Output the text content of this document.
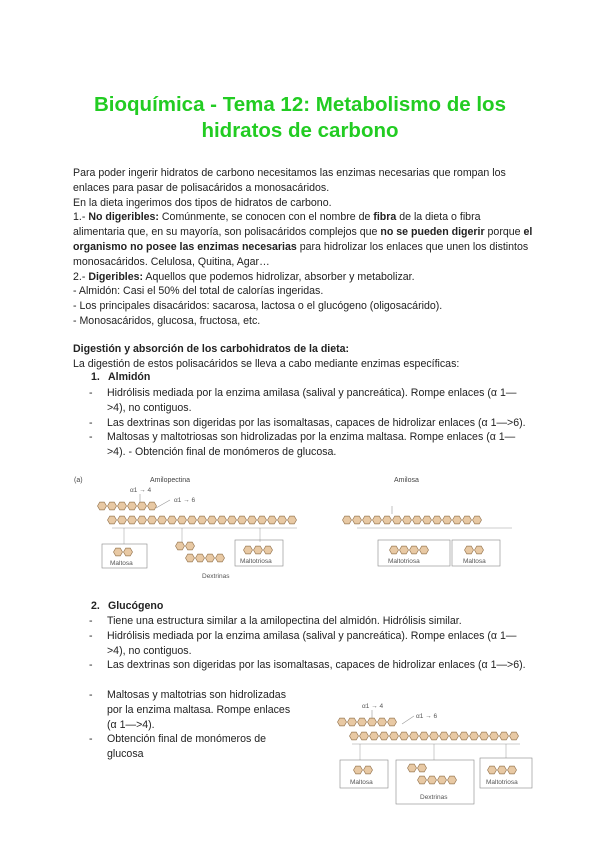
Bioquímica - Tema 12: Metabolismo de los hidratos de carbono

Para poder ingerir hidratos de carbono necesitamos las enzimas necesarias que rompan los enlaces para pasar de polisacáridos a monosacáridos.

En la dieta ingerimos dos tipos de hidratos de carbono.

1.- No digeribles: Comúnmente, se conocen con el nombre de fibra de la dieta o fibra alimentaria que, en su mayoría, son polisacáridos complejos que no se pueden digerir porque el organismo no posee las enzimas necesarias para hidrolizar los enlaces que unen los distintos monosacáridos. Celulosa, Quitina, Agar…

2.- Digeribles: Aquellos que podemos hidrolizar, absorber y metabolizar.

- Almidón: Casi el 50% del total de calorías ingeridas.

- Los principales disacáridos: sacarosa, lactosa o el glucógeno (oligosacárido).

- Monosacáridos, glucosa, fructosa, etc.

Digestión y absorción de los carbohidratos de la dieta:

La digestión de estos polisacáridos se lleva a cabo mediante enzimas específicas:

1. Almidón
- Hidrólisis mediada por la enzima amilasa (salival y pancreática). Rompe enlaces (α 1—>4), no contiguos.
- Las dextrinas son digeridas por las isomaltasas, capaces de hidrolizar enlaces (α 1—>6).
- Maltosas y maltotriosas son hidrolizadas por la enzima maltasa. Rompe enlaces (α 1—>4). - Obtención final de monómeros de glucosa.
(a)	Amilopectina
α1 → 4
α1 → 6
Maltosa
Dextrinas
Maltotriosa
Amilosa
Maltotriosa	Maltosa
2. Glucógeno
- Tiene una estructura similar a la amilopectina del almidón. Hidrólisis similar.
- Hidrólisis mediada por la enzima amilasa (salival y pancreática). Rompe enlaces (α 1—>4), no contiguos.
- Las dextrinas son digeridas por las isomaltasas, capaces de hidrolizar enlaces (α 1—>6).
- Maltosas y maltotrias son hidrolizadas por la enzima maltasa. Rompe enlaces (α 1—>4).
- Obtención final de monómeros de glucosa
α1 → 4
α1 → 6
Maltosa
Dextrinas
Maltotriosa
